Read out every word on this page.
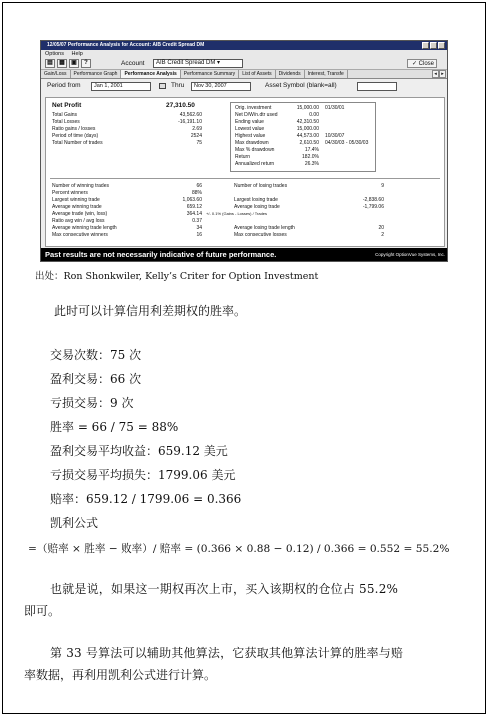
12/05/07 Performance Analysis for Account: AIB Credit Spread DM
Options Help
▤	▦	▣	?	Account	AIB Credit Spread DM ▾	✓ Close
Gain/Loss	Performance Graph	Performance Analysis	Performance Summary	List of Assets	Dividends	Interest, Transfe	◂ ▸
Period from	Jan 1, 2001	Thru	Nov 30, 2007	Asset Symbol (blank=all)
Net Profit	27,310.50
Total Gains	43,562.60
Total Losses	-16,191.10
Ratio gains / losses	2.69
Period of time (days)	2524
Total Number of trades	75
Orig. investment	15,000.00 01/30/01
Net D/W/n.dtr used	0.00
Ending value	42,310.50
Lowest value	15,000.00
Highest value	44,573.00 10/30/07
Max drawdown	2,610.50 04/30/03 - 05/30/03
Max % drawdown	17.4%
Return	182.0%
Annualized return	26.3%
Number of winning trades	66
Percent winners	88%
Largest winning trade	1,063.60
Average winning trade	659.12
Average trade (win, loss)	364.14 +/- 0.1% (Gains - Losses) / Trades
Ratio avg win / avg loss	0.37
Average winning trade length	34
Max consecutive winners	16
Number of losing trades	9
Largest losing trade	-2,838.60
Average losing trade	-1,799.06
Average losing trade length	20
Max consecutive losses	2
Past results are not necessarily indicative of future performance.	Copyright OptionVue Systems, Inc.
出处：Ron Shonkwiler, Kelly’s Criter for Option Investment
此时可以计算信用利差期权的胜率。
交易次数：75 次
盈利交易：66 次
亏损交易：9 次
胜率 = 66 / 75 = 88%
盈利交易平均收益：659.12 美元
亏损交易平均损失：1799.06 美元
赔率：659.12 / 1799.06 = 0.366
凯利公式
=（赔率 × 胜率 − 败率）/ 赔率 = (0.366 × 0.88 − 0.12) / 0.366 = 0.552 = 55.2%
也就是说，如果这一期权再次上市，买入该期权的仓位占 55.2%
即可。
第 33 号算法可以辅助其他算法，它获取其他算法计算的胜率与赔
率数据，再利用凯利公式进行计算。
